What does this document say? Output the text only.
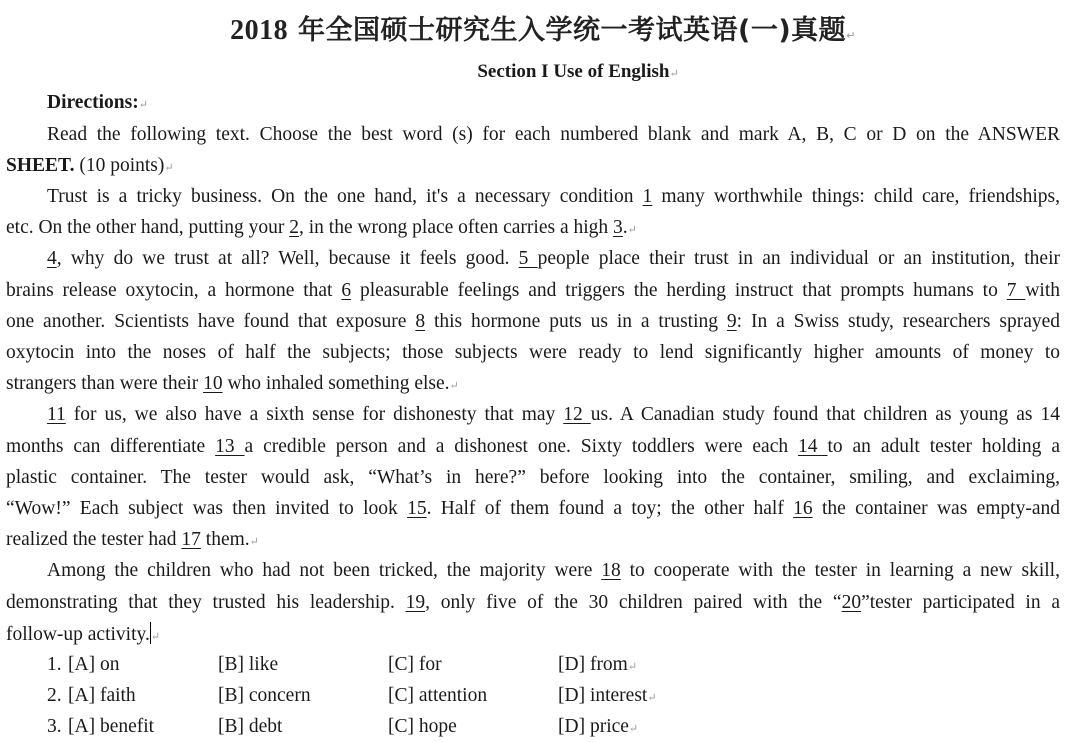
2018 年全国硕士研究生入学统一考试英语(一)真题↵
Section I Use of English↵
Directions:↵
Read the following text. Choose the best word (s) for each numbered blank and mark A, B, C or D on the ANSWER
SHEET. (10 points)↵
Trust is a tricky business. On the one hand, it's a necessary condition 1 many worthwhile things: child care, friendships,
etc. On the other hand, putting your 2, in the wrong place often carries a high 3.↵
4, why do we trust at all? Well, because it feels good. 5 people place their trust in an individual or an institution, their
brains release oxytocin, a hormone that 6 pleasurable feelings and triggers the herding instruct that prompts humans to 7 with
one another. Scientists have found that exposure 8 this hormone puts us in a trusting 9: In a Swiss study, researchers sprayed
oxytocin into the noses of half the subjects; those subjects were ready to lend significantly higher amounts of money to
strangers than were their 10 who inhaled something else.↵
11 for us, we also have a sixth sense for dishonesty that may 12 us. A Canadian study found that children as young as 14
months can differentiate 13 a credible person and a dishonest one. Sixty toddlers were each 14 to an adult tester holding a
plastic container. The tester would ask, “What’s in here?” before looking into the container, smiling, and exclaiming,
“Wow!” Each subject was then invited to look 15. Half of them found a toy; the other half 16 the container was empty-and
realized the tester had 17 them.↵
Among the children who had not been tricked, the majority were 18 to cooperate with the tester in learning a new skill,
demonstrating that they trusted his leadership. 19, only five of the 30 children paired with the “20”tester participated in a
follow-up activity.↵
1. [A] on	[B] like	[C] for	[D] from↵
2. [A] faith	[B] concern	[C] attention	[D] interest↵
3. [A] benefit	[B] debt	[C] hope	[D] price↵
